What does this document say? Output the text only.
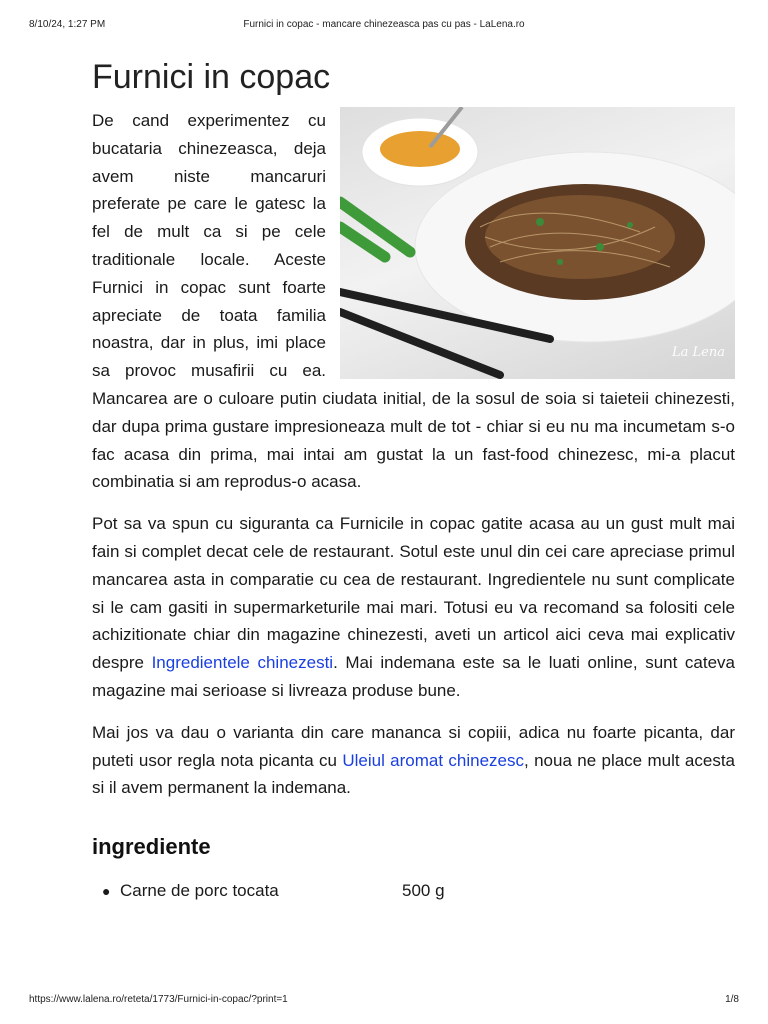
8/10/24, 1:27 PM	Furnici in copac - mancare chinezeasca pas cu pas - LaLena.ro
Furnici in copac
La Lena
De cand experimentez cu bucataria chinezeasca, deja avem niste mancaruri preferate pe care le gatesc la fel de mult ca si pe cele traditionale locale. Aceste Furnici in copac sunt foarte apreciate de toata familia noastra, dar in plus, imi place sa provoc musafirii cu ea. Mancarea are o culoare putin ciudata initial, de la sosul de soia si taieteii chinezesti, dar dupa prima gustare impresioneaza mult de tot - chiar si eu nu ma incumetam s-o fac acasa din prima, mai intai am gustat la un fast-food chinezesc, mi-a placut combinatia si am reprodus-o acasa.

Pot sa va spun cu siguranta ca Furnicile in copac gatite acasa au un gust mult mai fain si complet decat cele de restaurant. Sotul este unul din cei care apreciase primul mancarea asta in comparatie cu cea de restaurant. Ingredientele nu sunt complicate si le cam gasiti in supermarketurile mai mari. Totusi eu va recomand sa folositi cele achizitionate chiar din magazine chinezesti, aveti un articol aici ceva mai explicativ despre Ingredientele chinezesti. Mai indemana este sa le luati online, sunt cateva magazine mai serioase si livreaza produse bune.

Mai jos va dau o varianta din care mananca si copiii, adica nu foarte picanta, dar puteti usor regla nota picanta cu Uleiul aromat chinezesc, noua ne place mult acesta si il avem permanent la indemana.

ingrediente
● Carne de porc tocata	500 g
https://www.lalena.ro/reteta/1773/Furnici-in-copac/?print=1	1/8
